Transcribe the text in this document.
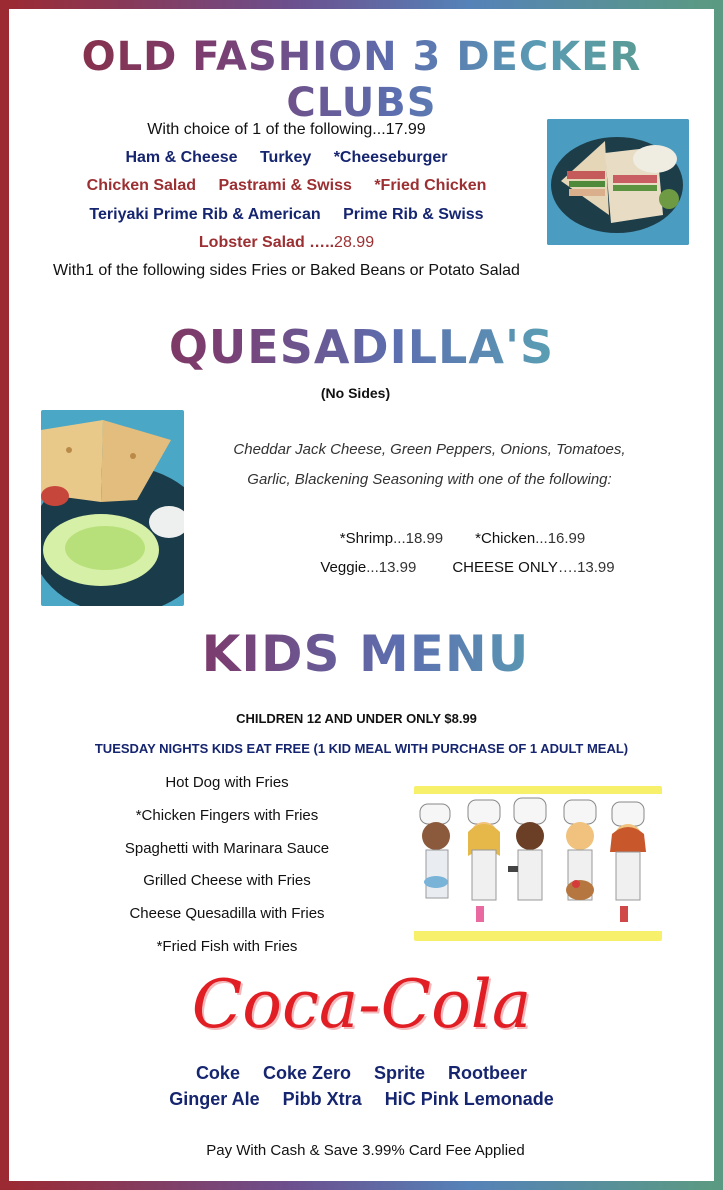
OLD FASHION 3 DECKER CLUBS
With choice of 1 of the following...17.99
Ham & Cheese Turkey *Cheeseburger
Chicken Salad Pastrami & Swiss *Fried Chicken
Teriyaki Prime Rib & American Prime Rib & Swiss
Lobster Salad …..28.99
With1 of the following sides Fries or Baked Beans or Potato Salad
QUESADILLA'S
(No Sides)
Cheddar Jack Cheese, Green Peppers, Onions, Tomatoes,
Garlic, Blackening Seasoning with one of the following:
*Shrimp...18.99 *Chicken...16.99
Veggie...13.99 CHEESE ONLY….13.99
KIDS MENU
CHILDREN 12 AND UNDER ONLY $8.99
TUESDAY NIGHTS KIDS EAT FREE (1 KID MEAL WITH PURCHASE OF 1 ADULT MEAL)
Hot Dog with Fries
*Chicken Fingers with Fries
Spaghetti with Marinara Sauce
Grilled Cheese with Fries
Cheese Quesadilla with Fries
*Fried Fish with Fries
Coca-Cola
Coke Coke Zero Sprite Rootbeer
Ginger Ale Pibb Xtra HiC Pink Lemonade
Pay With Cash & Save 3.99% Card Fee Applied
